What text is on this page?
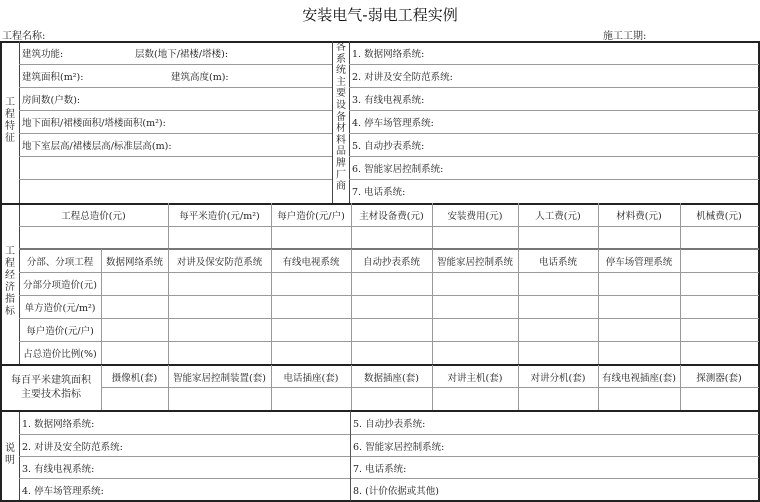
安装电气-弱电工程实例
工程名称:	施工工期:
工程特征
建筑功能:	层数(地下/裙楼/塔楼):
建筑面积(m²):	建筑高度(m):
房间数(户数):
地下面积/裙楼面积/塔楼面积(m²):
地下室层高/裙楼层高/标准层高(m):
各系统主要设备材料品牌厂商
1. 数据网络系统:
2. 对讲及安全防范系统:
3. 有线电视系统:
4. 停车场管理系统:
5. 自动抄表系统:
6. 智能家居控制系统:
7. 电话系统:
工程经济指标
工程总造价(元)	每平米造价(元/m²)	每户造价(元/户)	主材设备费(元)	安装费用(元)	人工费(元)	材料费(元)	机械费(元)
分部、分项工程	数据网络系统	对讲及保安防范系统	有线电视系统	自动抄表系统	智能家居控制系统	电话系统	停车场管理系统
分部分项造价(元)
单方造价(元/m²)
每户造价(元/户)
占总造价比例(%)
每百平米建筑面积主要技术指标
摄像机(套)	智能家居控制装置(套)	电话插座(套)	数据插座(套)	对讲主机(套)	对讲分机(套)	有线电视插座(套)	探测器(套)
说明
1. 数据网络系统:
2. 对讲及安全防范系统:
3. 有线电视系统:
4. 停车场管理系统:
5. 自动抄表系统:
6. 智能家居控制系统:
7. 电话系统:
8. (计价依据或其他)
